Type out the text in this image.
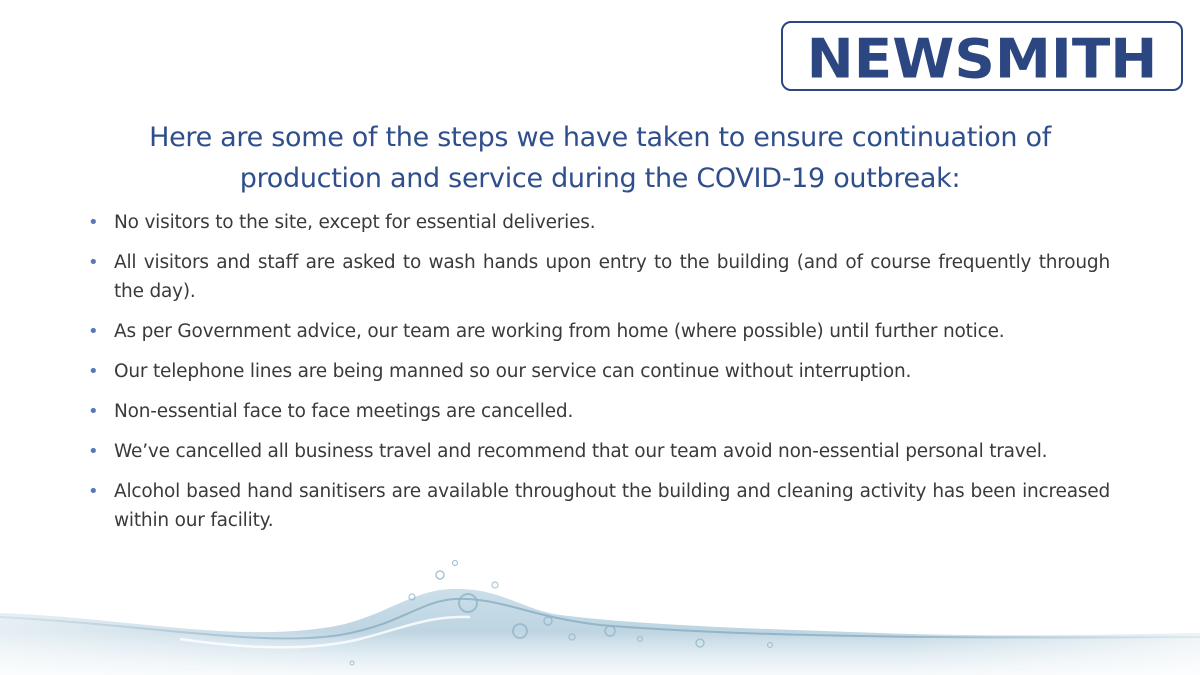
NEWSMITH
Here are some of the steps we have taken to ensure continuation of
production and service during the COVID-19 outbreak:
• No visitors to the site, except for essential deliveries.
• All visitors and staff are asked to wash hands upon entry to the building (and of course frequently through the day).
• As per Government advice, our team are working from home (where possible) until further notice.
• Our telephone lines are being manned so our service can continue without interruption.
• Non-essential face to face meetings are cancelled.
• We’ve cancelled all business travel and recommend that our team avoid non-essential personal travel.
• Alcohol based hand sanitisers are available throughout the building and cleaning activity has been increased within our facility.
